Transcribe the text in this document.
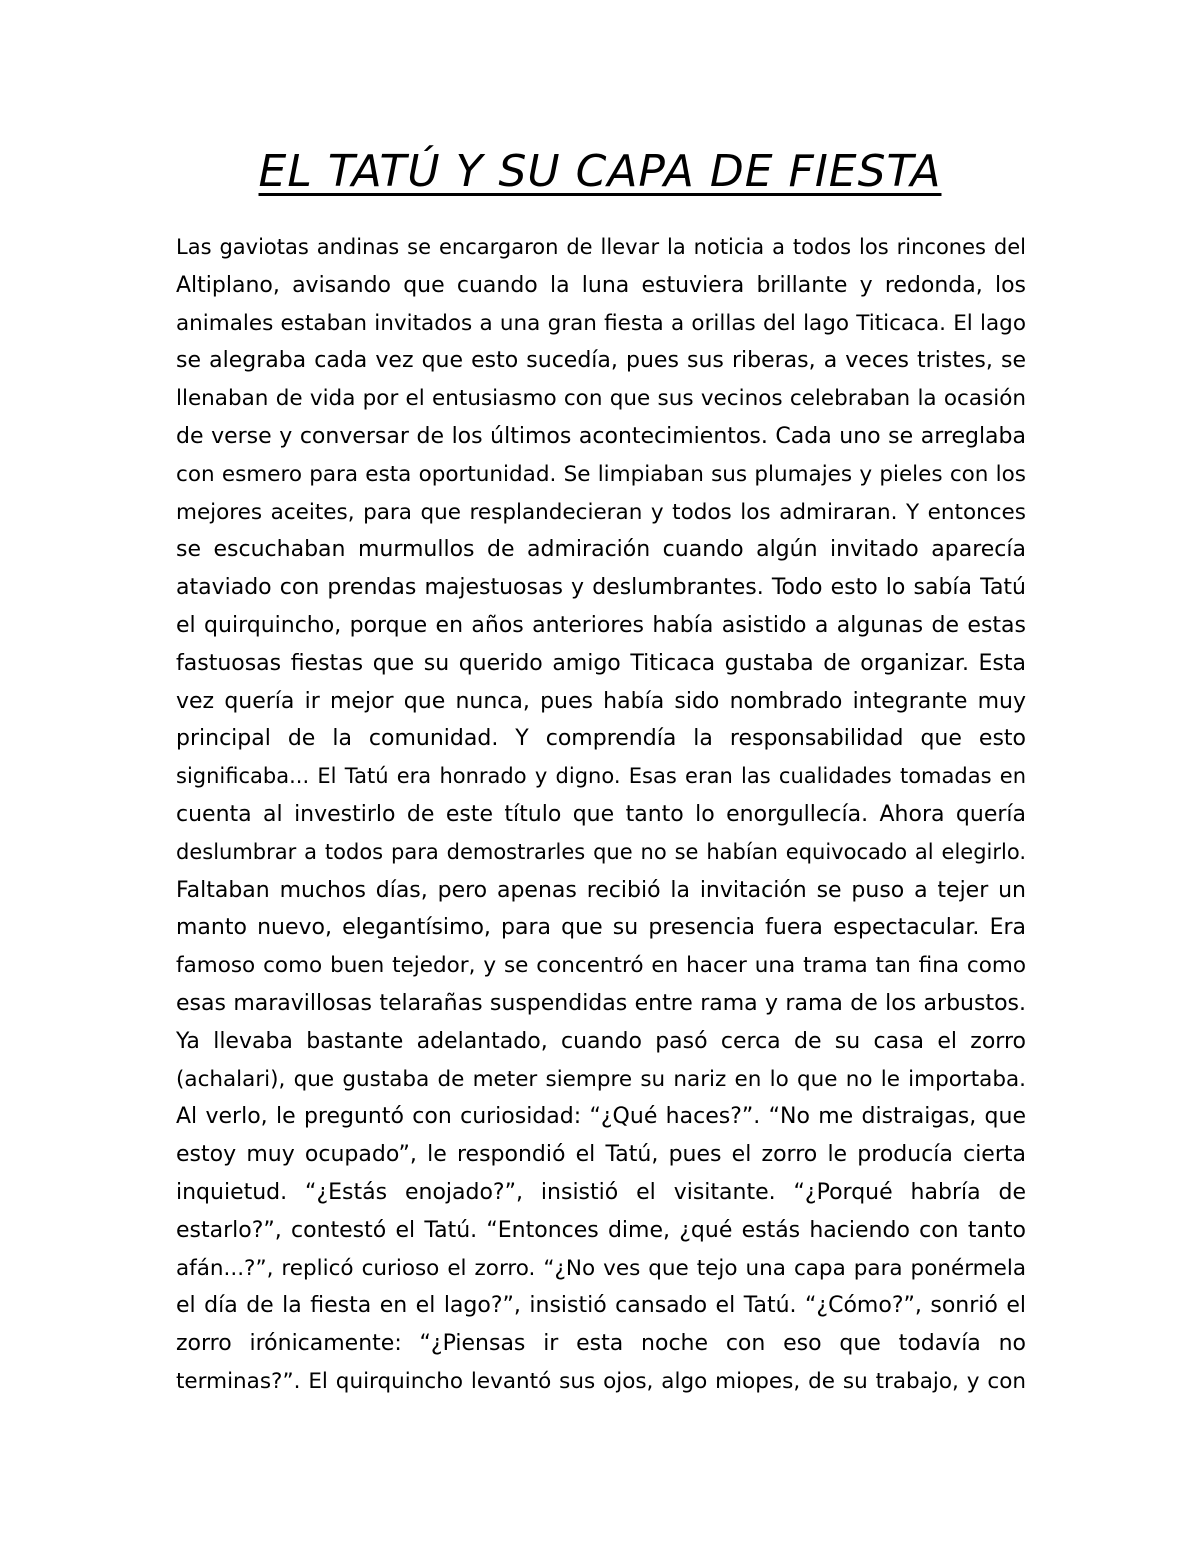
EL TATÚ Y SU CAPA DE FIESTA
Las gaviotas andinas se encargaron de llevar la noticia a todos los rincones del
Altiplano, avisando que cuando la luna estuviera brillante y redonda, los
animales estaban invitados a una gran fiesta a orillas del lago Titicaca. El lago
se alegraba cada vez que esto sucedía, pues sus riberas, a veces tristes, se
llenaban de vida por el entusiasmo con que sus vecinos celebraban la ocasión
de verse y conversar de los últimos acontecimientos. Cada uno se arreglaba
con esmero para esta oportunidad. Se limpiaban sus plumajes y pieles con los
mejores aceites, para que resplandecieran y todos los admiraran. Y entonces
se escuchaban murmullos de admiración cuando algún invitado aparecía
ataviado con prendas majestuosas y deslumbrantes. Todo esto lo sabía Tatú
el quirquincho, porque en años anteriores había asistido a algunas de estas
fastuosas fiestas que su querido amigo Titicaca gustaba de organizar. Esta
vez quería ir mejor que nunca, pues había sido nombrado integrante muy
principal de la comunidad. Y comprendía la responsabilidad que esto
significaba... El Tatú era honrado y digno. Esas eran las cualidades tomadas en
cuenta al investirlo de este título que tanto lo enorgullecía. Ahora quería
deslumbrar a todos para demostrarles que no se habían equivocado al elegirlo.
Faltaban muchos días, pero apenas recibió la invitación se puso a tejer un
manto nuevo, elegantísimo, para que su presencia fuera espectacular. Era
famoso como buen tejedor, y se concentró en hacer una trama tan fina como
esas maravillosas telarañas suspendidas entre rama y rama de los arbustos.
Ya llevaba bastante adelantado, cuando pasó cerca de su casa el zorro
(achalari), que gustaba de meter siempre su nariz en lo que no le importaba.
Al verlo, le preguntó con curiosidad: “¿Qué haces?”. “No me distraigas, que
estoy muy ocupado”, le respondió el Tatú, pues el zorro le producía cierta
inquietud. “¿Estás enojado?”, insistió el visitante. “¿Porqué habría de
estarlo?”, contestó el Tatú. “Entonces dime, ¿qué estás haciendo con tanto
afán...?”, replicó curioso el zorro. “¿No ves que tejo una capa para ponérmela
el día de la fiesta en el lago?”, insistió cansado el Tatú. “¿Cómo?”, sonrió el
zorro irónicamente: “¿Piensas ir esta noche con eso que todavía no
terminas?”. El quirquincho levantó sus ojos, algo miopes, de su trabajo, y con
